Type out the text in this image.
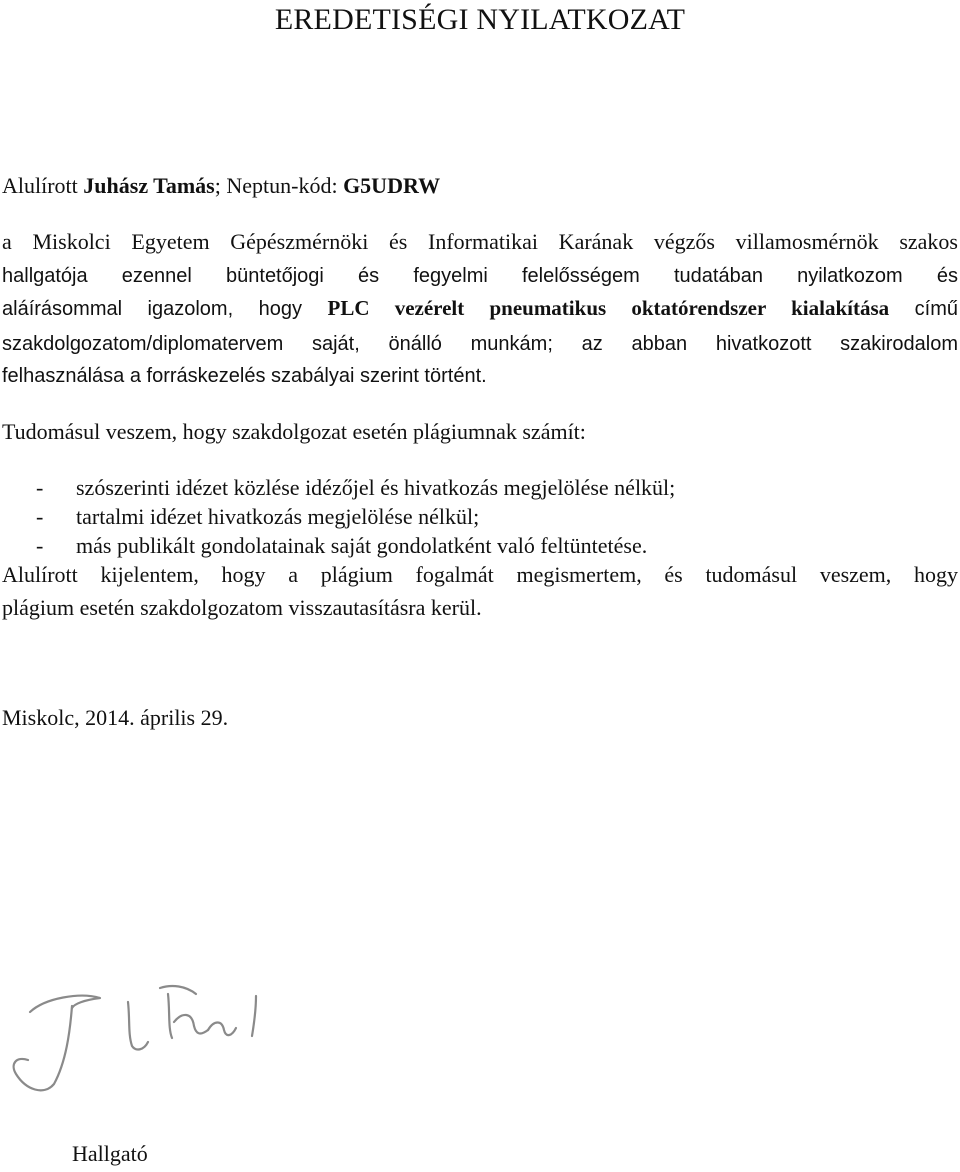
EREDETISÉGI NYILATKOZAT
Alulírott Juhász Tamás; Neptun-kód: G5UDRW
a Miskolci Egyetem Gépészmérnöki és Informatikai Karának végzős villamosmérnök szakos
hallgatója ezennel büntetőjogi és fegyelmi felelősségem tudatában nyilatkozom és
aláírásommal igazolom, hogy PLC vezérelt pneumatikus oktatórendszer kialakítása című
szakdolgozatom/diplomatervem saját, önálló munkám; az abban hivatkozott szakirodalom
felhasználása a forráskezelés szabályai szerint történt.
Tudomásul veszem, hogy szakdolgozat esetén plágiumnak számít:
- szószerinti idézet közlése idézőjel és hivatkozás megjelölése nélkül;
- tartalmi idézet hivatkozás megjelölése nélkül;
- más publikált gondolatainak saját gondolatként való feltüntetése.
Alulírott kijelentem, hogy a plágium fogalmát megismertem, és tudomásul veszem, hogy
plágium esetén szakdolgozatom visszautasításra kerül.
Miskolc, 2014. április 29.
Hallgató
